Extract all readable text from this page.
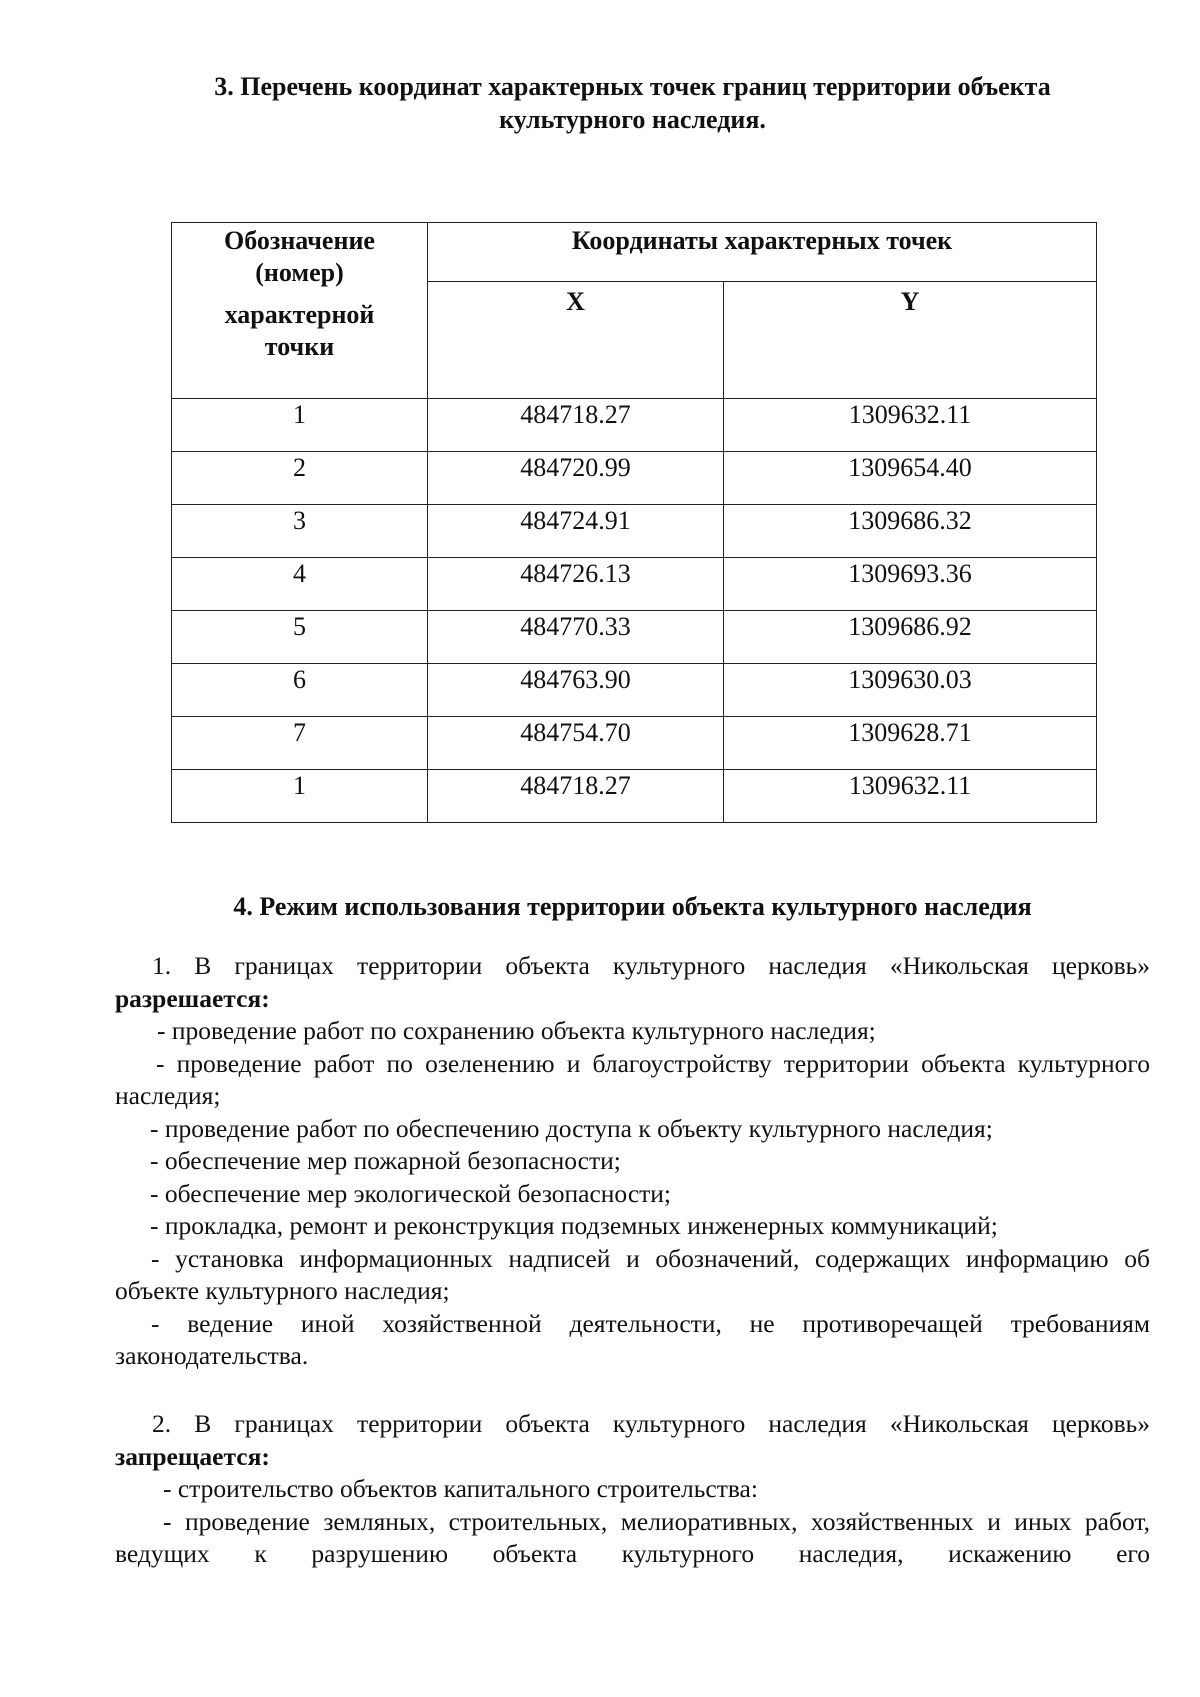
3. Перечень координат характерных точек границ территории объекта
культурного наследия.
Обозначение
(номер)
характерной
точки	Координаты характерных точек	
	X	Y
1	484718.27	1309632.11
2	484720.99	1309654.40
3	484724.91	1309686.32
4	484726.13	1309693.36
5	484770.33	1309686.92
6	484763.90	1309630.03
7	484754.70	1309628.71
1	484718.27	1309632.11
4. Режим использования территории объекта культурного наследия

1. В границах территории объекта культурного наследия «Никольская церковь»

разрешается:

- проведение работ по сохранению объекта культурного наследия;

- проведение работ по озеленению и благоустройству территории объекта культурного наследия;

- проведение работ по обеспечению доступа к объекту культурного наследия;

- обеспечение мер пожарной безопасности;

- обеспечение мер экологической безопасности;

- прокладка, ремонт и реконструкция подземных инженерных коммуникаций;

- установка информационных надписей и обозначений, содержащих информацию об объекте культурного наследия;

- ведение иной хозяйственной деятельности, не противоречащей требованиям законодательства.

2. В границах территории объекта культурного наследия «Никольская церковь»

запрещается:

- строительство объектов капитального строительства:

- проведение земляных, строительных, мелиоративных, хозяйственных и иных работ, ведущих к разрушению объекта культурного наследия, искажению его
